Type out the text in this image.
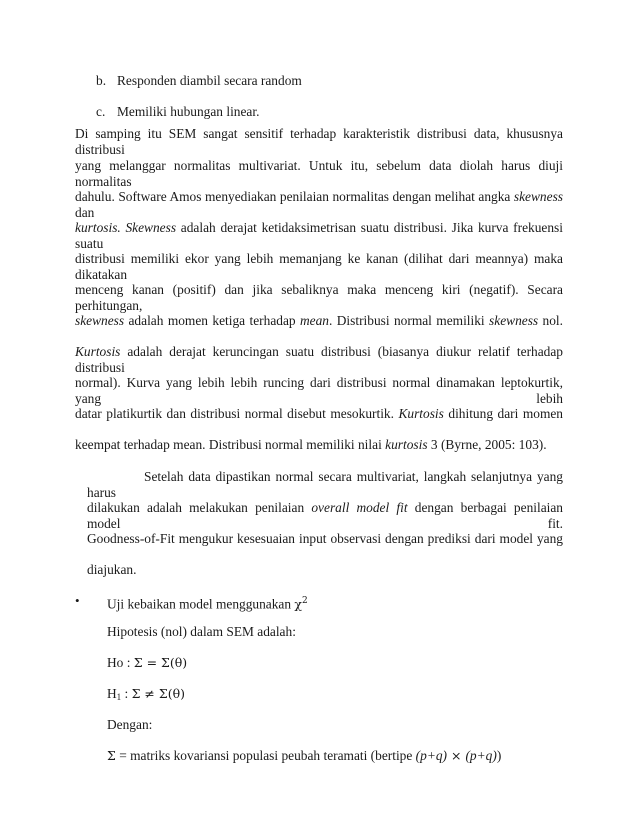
b. Responden diambil secara random
c. Memiliki hubungan linear.
Di samping itu SEM sangat sensitif terhadap karakteristik distribusi data, khususnya distribusi
yang melanggar normalitas multivariat. Untuk itu, sebelum data diolah harus diuji normalitas
dahulu. Software Amos menyediakan penilaian normalitas dengan melihat angka skewness dan
kurtosis. Skewness adalah derajat ketidaksimetrisan suatu distribusi. Jika kurva frekuensi suatu
distribusi memiliki ekor yang lebih memanjang ke kanan (dilihat dari meannya) maka dikatakan
menceng kanan (positif) dan jika sebaliknya maka menceng kiri (negatif). Secara perhitungan,
skewness adalah momen ketiga terhadap mean. Distribusi normal memiliki skewness nol.
Kurtosis adalah derajat keruncingan suatu distribusi (biasanya diukur relatif terhadap distribusi
normal). Kurva yang lebih lebih runcing dari distribusi normal dinamakan leptokurtik, yang lebih
datar platikurtik dan distribusi normal disebut mesokurtik. Kurtosis dihitung dari momen
keempat terhadap mean. Distribusi normal memiliki nilai kurtosis 3 (Byrne, 2005: 103).
Setelah data dipastikan normal secara multivariat, langkah selanjutnya yang harus
dilakukan adalah melakukan penilaian overall model fit dengan berbagai penilaian model fit.
Goodness-of-Fit mengukur kesesuaian input observasi dengan prediksi dari model yang
diajukan.
• Uji kebaikan model menggunakan $\chi^2$
Hipotesis (nol) dalam SEM adalah:
Ho : Σ = Σ(θ)
$H_1$ : Σ ≠ Σ(θ)
Dengan:
Σ = matriks kovariansi populasi peubah teramati (bertipe (p+q) × (p+q))
